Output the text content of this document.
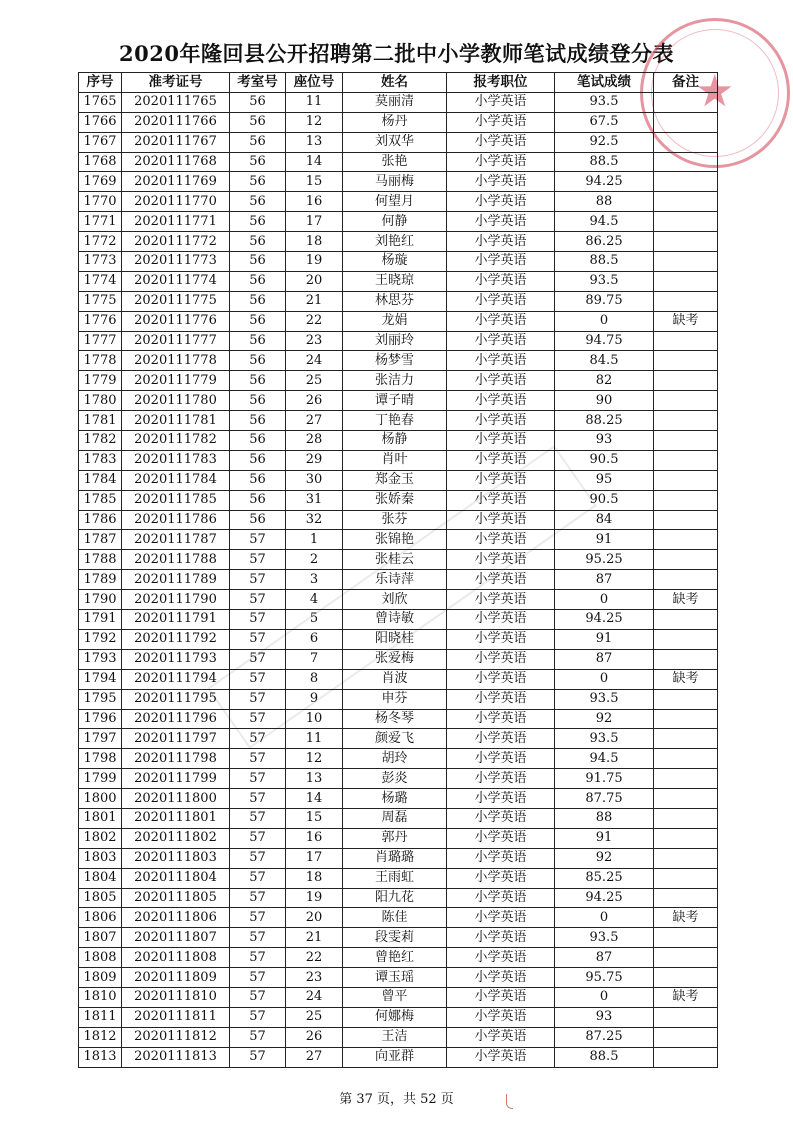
2020年隆回县公开招聘第二批中小学教师笔试成绩登分表
★
序号	准考证号	考室号	座位号	姓名	报考职位	笔试成绩	备注
1765	2020111765	56	11	莫丽清	小学英语	93.5	
1766	2020111766	56	12	杨丹	小学英语	67.5	
1767	2020111767	56	13	刘双华	小学英语	92.5	
1768	2020111768	56	14	张艳	小学英语	88.5	
1769	2020111769	56	15	马丽梅	小学英语	94.25	
1770	2020111770	56	16	何望月	小学英语	88	
1771	2020111771	56	17	何静	小学英语	94.5	
1772	2020111772	56	18	刘艳红	小学英语	86.25	
1773	2020111773	56	19	杨璇	小学英语	88.5	
1774	2020111774	56	20	王晓琼	小学英语	93.5	
1775	2020111775	56	21	林思芬	小学英语	89.75	
1776	2020111776	56	22	龙娟	小学英语	0	缺考
1777	2020111777	56	23	刘丽玲	小学英语	94.75	
1778	2020111778	56	24	杨梦雪	小学英语	84.5	
1779	2020111779	56	25	张洁力	小学英语	82	
1780	2020111780	56	26	谭子晴	小学英语	90	
1781	2020111781	56	27	丁艳春	小学英语	88.25	
1782	2020111782	56	28	杨静	小学英语	93	
1783	2020111783	56	29	肖叶	小学英语	90.5	
1784	2020111784	56	30	郑金玉	小学英语	95	
1785	2020111785	56	31	张娇秦	小学英语	90.5	
1786	2020111786	56	32	张芬	小学英语	84	
1787	2020111787	57	1	张锦艳	小学英语	91	
1788	2020111788	57	2	张桂云	小学英语	95.25	
1789	2020111789	57	3	乐诗萍	小学英语	87	
1790	2020111790	57	4	刘欣	小学英语	0	缺考
1791	2020111791	57	5	曾诗敏	小学英语	94.25	
1792	2020111792	57	6	阳晓桂	小学英语	91	
1793	2020111793	57	7	张爱梅	小学英语	87	
1794	2020111794	57	8	肖波	小学英语	0	缺考
1795	2020111795	57	9	申芬	小学英语	93.5	
1796	2020111796	57	10	杨冬琴	小学英语	92	
1797	2020111797	57	11	颜爱飞	小学英语	93.5	
1798	2020111798	57	12	胡玲	小学英语	94.5	
1799	2020111799	57	13	彭炎	小学英语	91.75	
1800	2020111800	57	14	杨璐	小学英语	87.75	
1801	2020111801	57	15	周磊	小学英语	88	
1802	2020111802	57	16	郭丹	小学英语	91	
1803	2020111803	57	17	肖璐璐	小学英语	92	
1804	2020111804	57	18	王雨虹	小学英语	85.25	
1805	2020111805	57	19	阳九花	小学英语	94.25	
1806	2020111806	57	20	陈佳	小学英语	0	缺考
1807	2020111807	57	21	段雯莉	小学英语	93.5	
1808	2020111808	57	22	曾艳红	小学英语	87	
1809	2020111809	57	23	谭玉瑶	小学英语	95.75	
1810	2020111810	57	24	曾平	小学英语	0	缺考
1811	2020111811	57	25	何娜梅	小学英语	93	
1812	2020111812	57	26	王洁	小学英语	87.25	
1813	2020111813	57	27	向亚群	小学英语	88.5	
第 37 页，共 52 页
